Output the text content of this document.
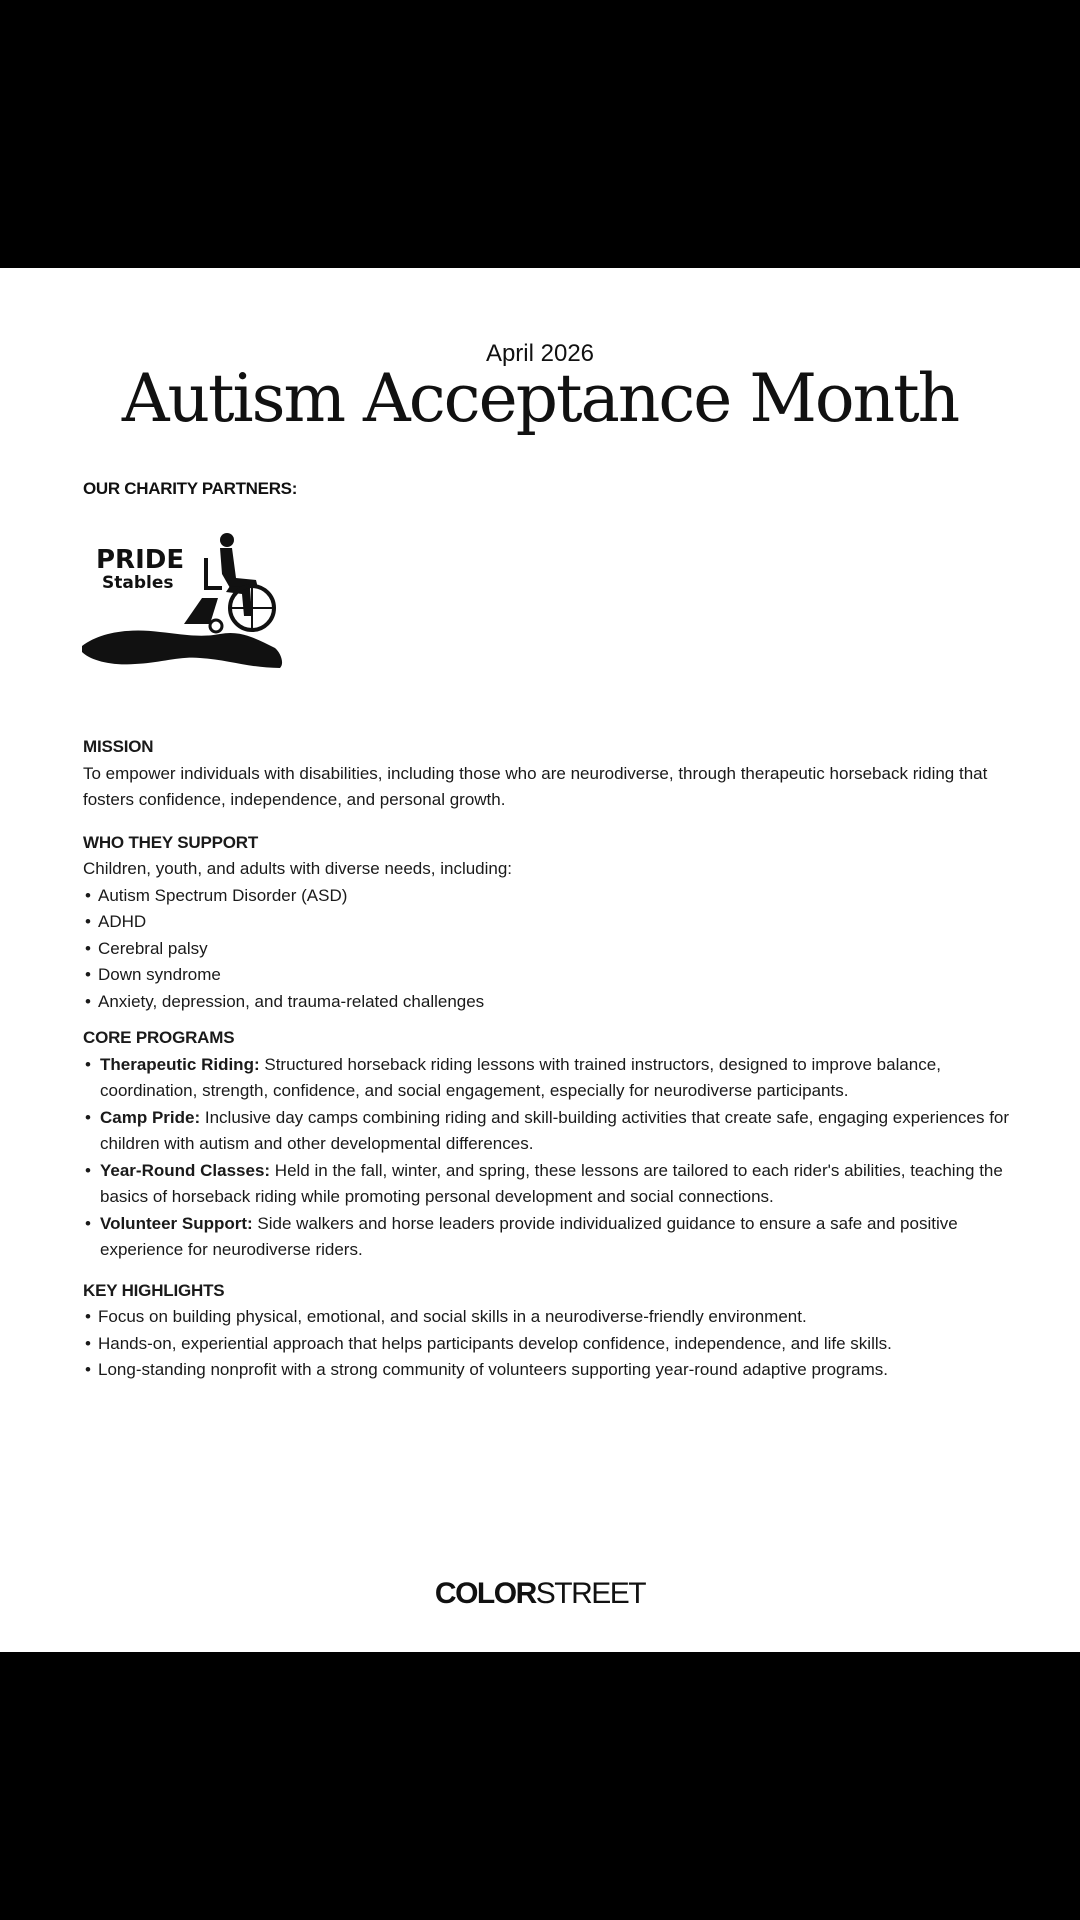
April 2026
Autism Acceptance Month
OUR CHARITY PARTNERS:
PRIDE
Stables

MISSION

To empower individuals with disabilities, including those who are neurodiverse, through therapeutic horseback riding that fosters confidence, independence, and personal growth.

WHO THEY SUPPORT

Children, youth, and adults with diverse needs, including:

• Autism Spectrum Disorder (ASD)
• ADHD
• Cerebral palsy
• Down syndrome
• Anxiety, depression, and trauma-related challenges

CORE PROGRAMS

• Therapeutic Riding: Structured horseback riding lessons with trained instructors, designed to improve balance, coordination, strength, confidence, and social engagement, especially for neurodiverse participants.
• Camp Pride: Inclusive day camps combining riding and skill-building activities that create safe, engaging experiences for children with autism and other developmental differences.
• Year-Round Classes: Held in the fall, winter, and spring, these lessons are tailored to each rider's abilities, teaching the basics of horseback riding while promoting personal development and social connections.
• Volunteer Support: Side walkers and horse leaders provide individualized guidance to ensure a safe and positive experience for neurodiverse riders.

KEY HIGHLIGHTS

• Focus on building physical, emotional, and social skills in a neurodiverse-friendly environment.
• Hands-on, experiential approach that helps participants develop confidence, independence, and life skills.
• Long-standing nonprofit with a strong community of volunteers supporting year-round adaptive programs.
COLORSTREET
